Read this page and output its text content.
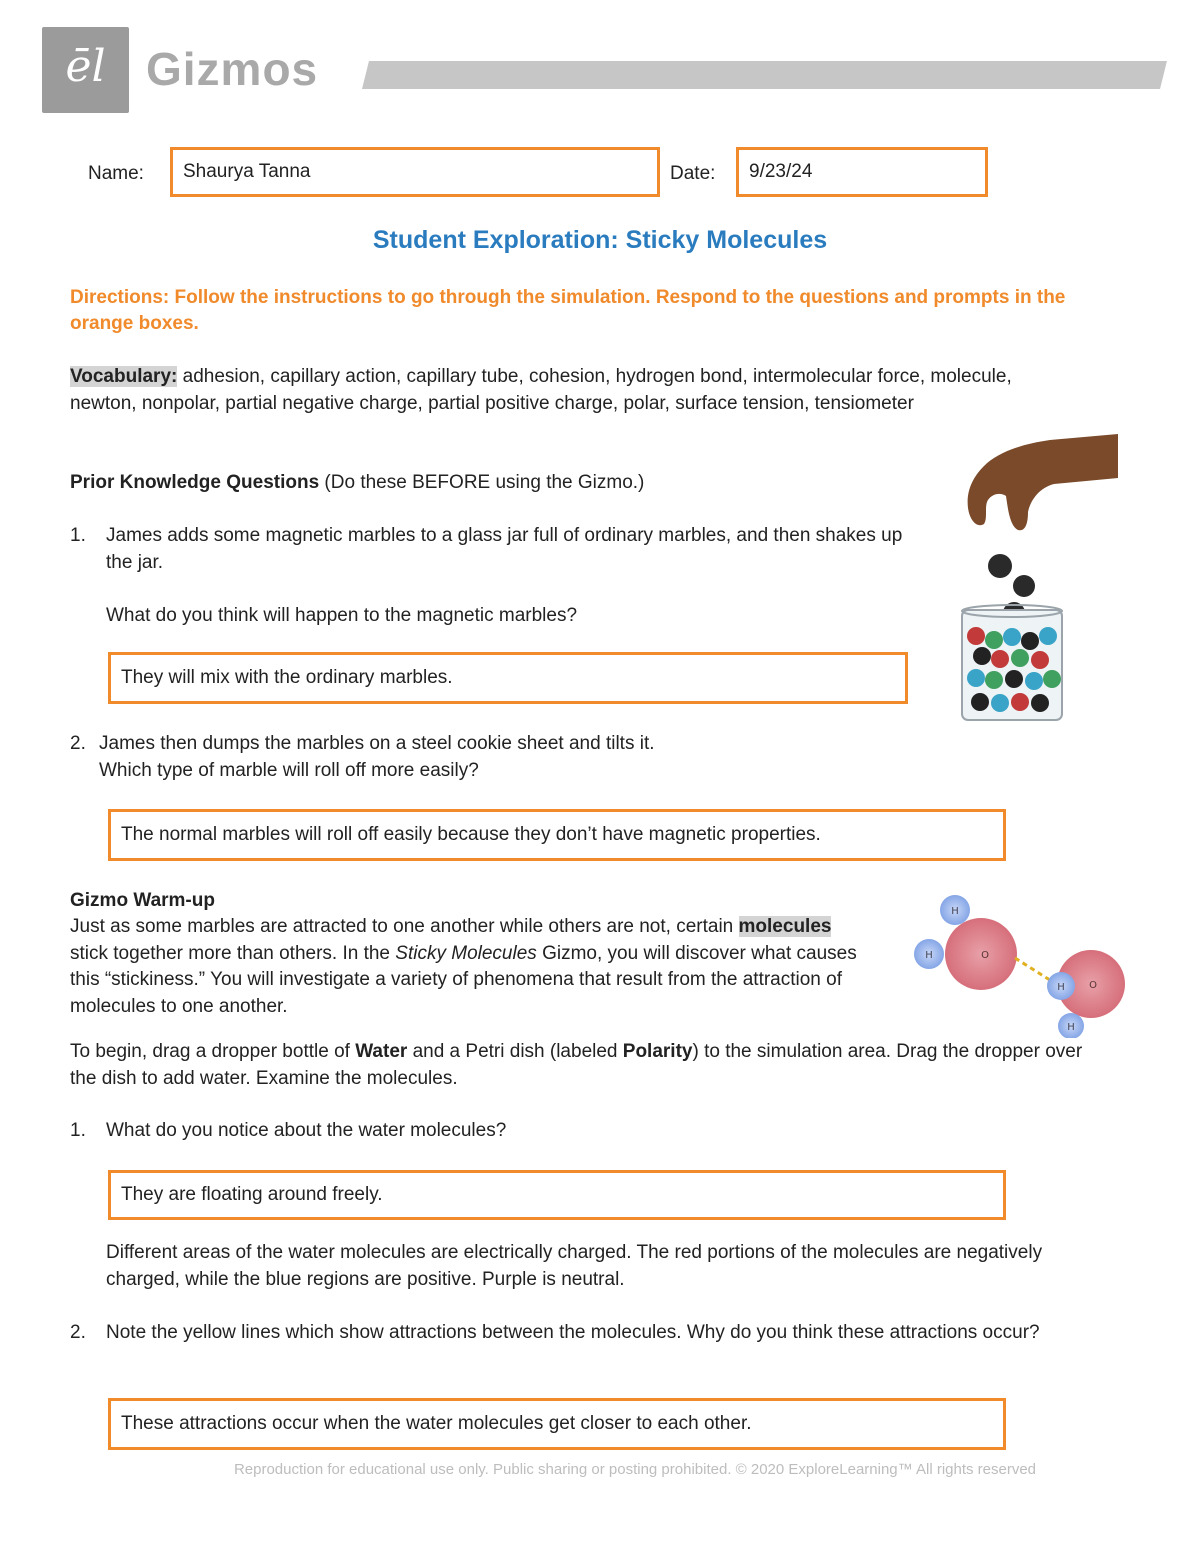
ēl Gizmos
Name:	Shaurya Tanna	Date:	9/23/24
Student Exploration: Sticky Molecules
Directions: Follow the instructions to go through the simulation. Respond to the questions and prompts in the orange boxes.
Vocabulary: adhesion, capillary action, capillary tube, cohesion, hydrogen bond, intermolecular force, molecule, newton, nonpolar, partial negative charge, partial positive charge, polar, surface tension, tensiometer
Prior Knowledge Questions (Do these BEFORE using the Gizmo.)
1. James adds some magnetic marbles to a glass jar full of ordinary marbles, and then shakes up the jar.
What do you think will happen to the magnetic marbles?
They will mix with the ordinary marbles.
2. James then dumps the marbles on a steel cookie sheet and tilts it.
Which type of marble will roll off more easily?
The normal marbles will roll off easily because they don’t have magnetic properties.
Gizmo Warm-up
Just as some marbles are attracted to one another while others are not, certain molecules stick together more than others. In the Sticky Molecules Gizmo, you will discover what causes this “stickiness.” You will investigate a variety of phenomena that result from the attraction of molecules to one another.
H
H	O
H
H
O
To begin, drag a dropper bottle of Water and a Petri dish (labeled Polarity) to the simulation area. Drag the dropper over the dish to add water. Examine the molecules.
1. What do you notice about the water molecules?
They are floating around freely.
Different areas of the water molecules are electrically charged. The red portions of the molecules are negatively charged, while the blue regions are positive. Purple is neutral.
2. Note the yellow lines which show attractions between the molecules. Why do you think these attractions occur?
These attractions occur when the water molecules get closer to each other.
Reproduction for educational use only. Public sharing or posting prohibited. © 2020 ExploreLearning™ All rights reserved
